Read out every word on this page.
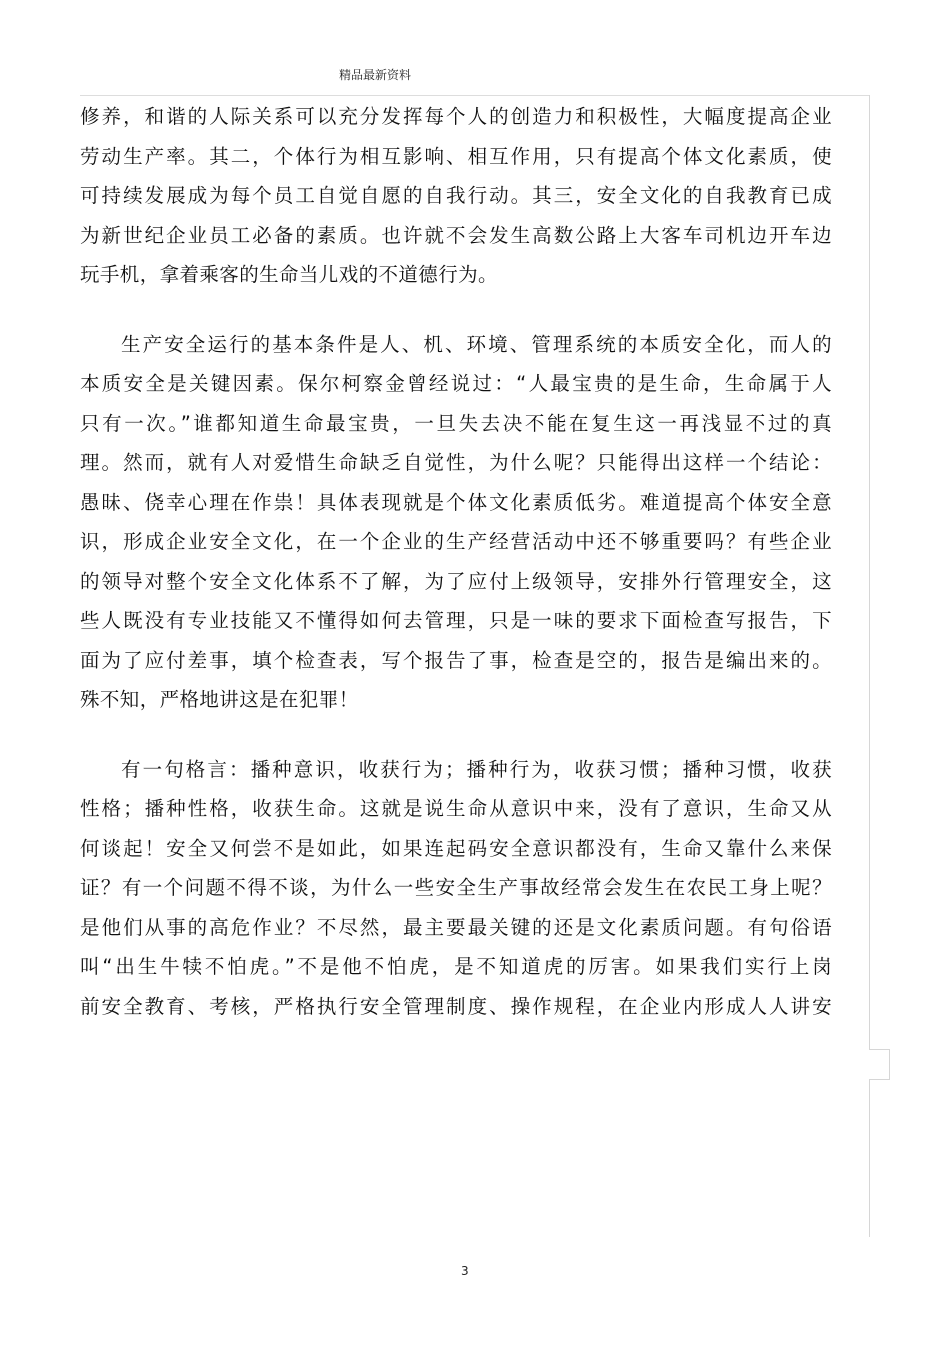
精品最新资料
修养，和谐的人际关系可以充分发挥每个人的创造力和积极性，大幅度提高企业
劳动生产率。其二，个体行为相互影响、相互作用，只有提高个体文化素质，使
可持续发展成为每个员工自觉自愿的自我行动。其三，安全文化的自我教育已成
为新世纪企业员工必备的素质。也许就不会发生高数公路上大客车司机边开车边
玩手机，拿着乘客的生命当儿戏的不道德行为。
生产安全运行的基本条件是人、机、环境、管理系统的本质安全化，而人的
本质安全是关键因素。保尔柯察金曾经说过：“人最宝贵的是生命，生命属于人
只有一次。”谁都知道生命最宝贵，一旦失去决不能在复生这一再浅显不过的真
理。然而，就有人对爱惜生命缺乏自觉性，为什么呢？只能得出这样一个结论：
愚昧、侥幸心理在作祟！具体表现就是个体文化素质低劣。难道提高个体安全意
识，形成企业安全文化，在一个企业的生产经营活动中还不够重要吗？有些企业
的领导对整个安全文化体系不了解，为了应付上级领导，安排外行管理安全，这
些人既没有专业技能又不懂得如何去管理，只是一味的要求下面检查写报告，下
面为了应付差事，填个检查表，写个报告了事，检查是空的，报告是编出来的。
殊不知，严格地讲这是在犯罪！
有一句格言：播种意识，收获行为；播种行为，收获习惯；播种习惯，收获
性格；播种性格，收获生命。这就是说生命从意识中来，没有了意识，生命又从
何谈起！安全又何尝不是如此，如果连起码安全意识都没有，生命又靠什么来保
证？有一个问题不得不谈，为什么一些安全生产事故经常会发生在农民工身上呢？
是他们从事的高危作业？不尽然，最主要最关键的还是文化素质问题。有句俗语
叫“出生牛犊不怕虎。”不是他不怕虎，是不知道虎的厉害。如果我们实行上岗
前安全教育、考核，严格执行安全管理制度、操作规程，在企业内形成人人讲安
3
